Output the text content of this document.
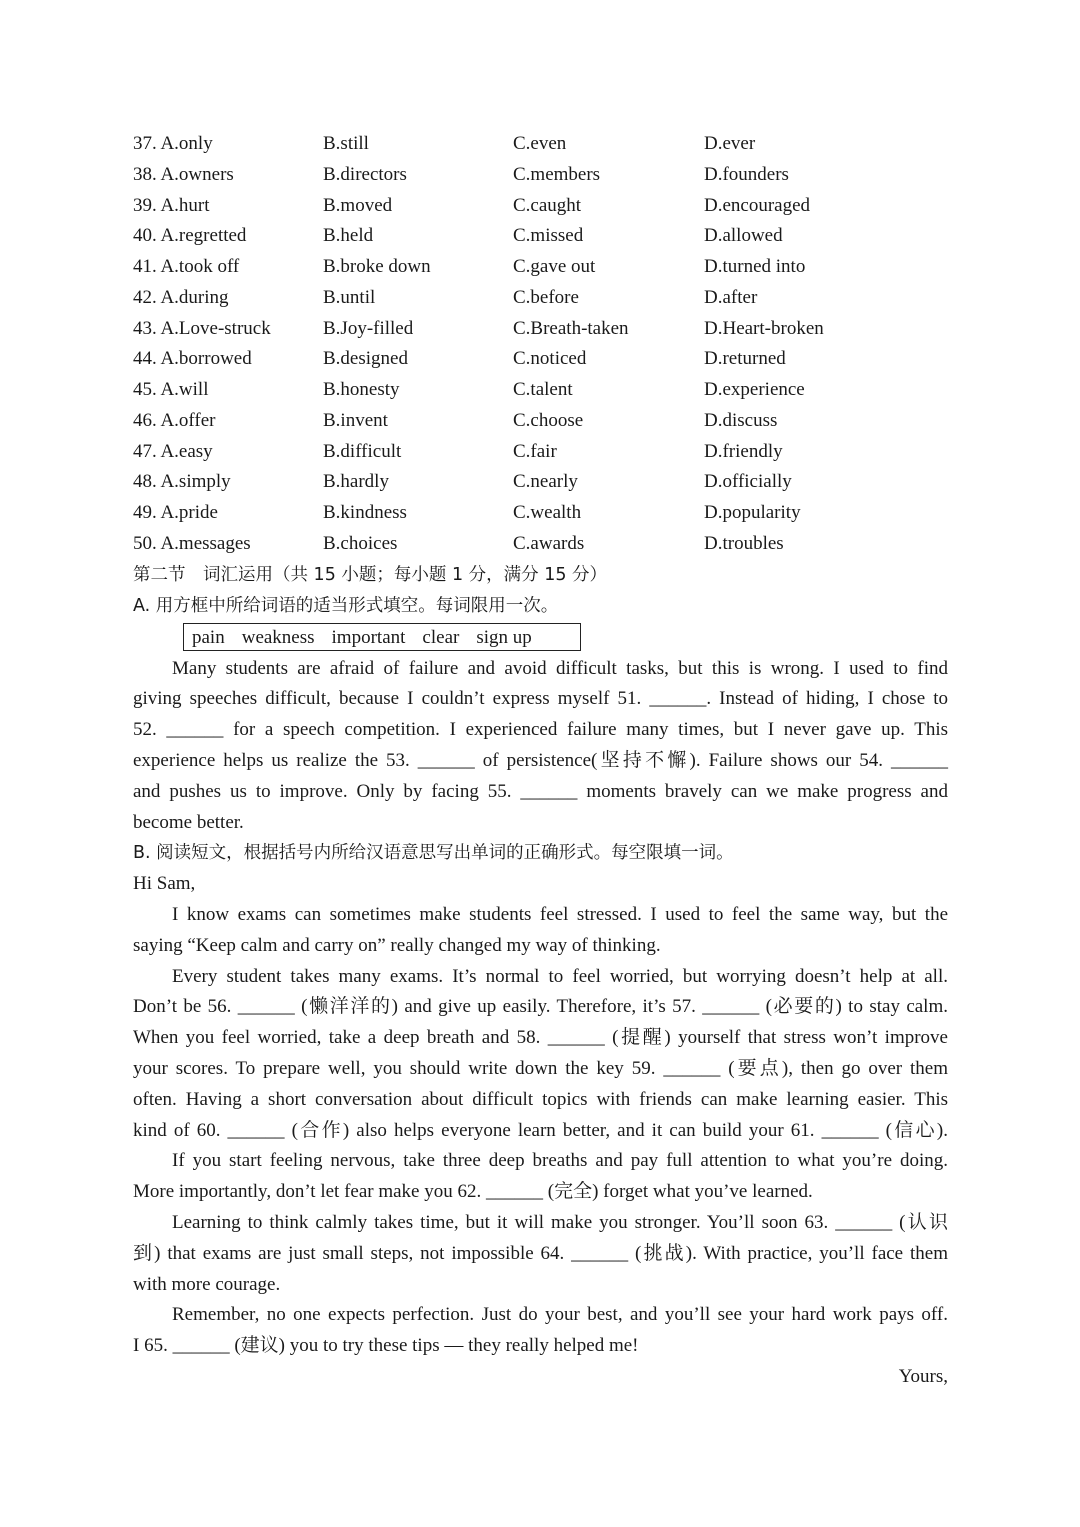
37. A.only	B.still	C.even	D.ever
38. A.owners	B.directors	C.members	D.founders
39. A.hurt	B.moved	C.caught	D.encouraged
40. A.regretted	B.held	C.missed	D.allowed
41. A.took off	B.broke down	C.gave out	D.turned into
42. A.during	B.until	C.before	D.after
43. A.Love-struck	B.Joy-filled	C.Breath-taken	D.Heart-broken
44. A.borrowed	B.designed	C.noticed	D.returned
45. A.will	B.honesty	C.talent	D.experience
46. A.offer	B.invent	C.choose	D.discuss
47. A.easy	B.difficult	C.fair	D.friendly
48. A.simply	B.hardly	C.nearly	D.officially
49. A.pride	B.kindness	C.wealth	D.popularity
50. A.messages	B.choices	C.awards	D.troubles
第二节　词汇运用（共 15 小题；每小题 1 分，满分 15 分）
A. 用方框中所给词语的适当形式填空。每词限用一次。
pain weakness important clear sign up
Many students are afraid of failure and avoid difficult tasks, but this is wrong. I used to find
giving speeches difficult, because I couldn’t express myself 51. ______. Instead of hiding, I chose to
52. ______ for a speech competition. I experienced failure many times, but I never gave up. This
experience helps us realize the 53. ______ of persistence(坚持不懈). Failure shows our 54. ______
and pushes us to improve. Only by facing 55. ______ moments bravely can we make progress and
become better.
B. 阅读短文，根据括号内所给汉语意思写出单词的正确形式。每空限填一词。
Hi Sam,
I know exams can sometimes make students feel stressed. I used to feel the same way, but the
saying “Keep calm and carry on” really changed my way of thinking.
Every student takes many exams. It’s normal to feel worried, but worrying doesn’t help at all.
Don’t be 56. ______ (懒洋洋的) and give up easily. Therefore, it’s 57. ______ (必要的) to stay calm.
When you feel worried, take a deep breath and 58. ______ (提醒) yourself that stress won’t improve
your scores. To prepare well, you should write down the key 59. ______ (要点), then go over them
often. Having a short conversation about difficult topics with friends can make learning easier. This
kind of 60. ______ (合作) also helps everyone learn better, and it can build your 61. ______ (信心).
If you start feeling nervous, take three deep breaths and pay full attention to what you’re doing.
More importantly, don’t let fear make you 62. ______ (完全) forget what you’ve learned.
Learning to think calmly takes time, but it will make you stronger. You’ll soon 63. ______ (认识
到) that exams are just small steps, not impossible 64. ______ (挑战). With practice, you’ll face them
with more courage.
Remember, no one expects perfection. Just do your best, and you’ll see your hard work pays off.
I 65. ______ (建议) you to try these tips — they really helped me!
Yours,
